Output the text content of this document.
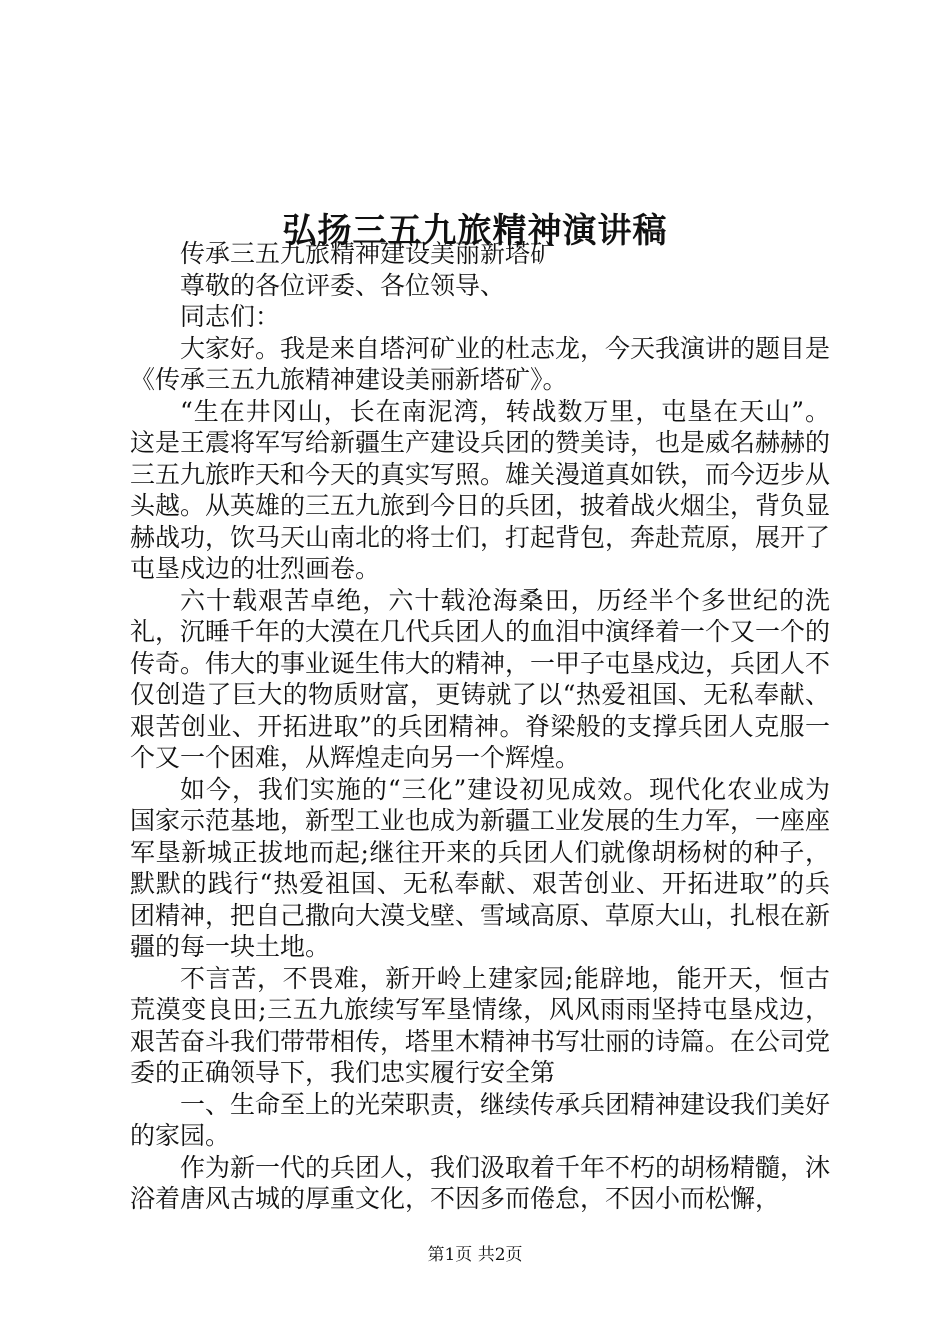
弘扬三五九旅精神演讲稿

传承三五九旅精神建设美丽新塔矿

尊敬的各位评委、各位领导、

同志们：

大家好。我是来自塔河矿业的杜志龙，今天我演讲的题目是《传承三五九旅精神建设美丽新塔矿》。

“生在井冈山，长在南泥湾，转战数万里，屯垦在天山”。这是王震将军写给新疆生产建设兵团的赞美诗，也是威名赫赫的三五九旅昨天和今天的真实写照。雄关漫道真如铁，而今迈步从头越。从英雄的三五九旅到今日的兵团，披着战火烟尘，背负显赫战功，饮马天山南北的将士们，打起背包，奔赴荒原，展开了屯垦戍边的壮烈画卷。

六十载艰苦卓绝，六十载沧海桑田，历经半个多世纪的洗礼，沉睡千年的大漠在几代兵团人的血泪中演绎着一个又一个的传奇。伟大的事业诞生伟大的精神，一甲子屯垦戍边，兵团人不仅创造了巨大的物质财富，更铸就了以“热爱祖国、无私奉献、艰苦创业、开拓进取”的兵团精神。脊梁般的支撑兵团人克服一个又一个困难，从辉煌走向另一个辉煌。

如今，我们实施的“三化”建设初见成效。现代化农业成为国家示范基地，新型工业也成为新疆工业发展的生力军，一座座军垦新城正拔地而起;继往开来的兵团人们就像胡杨树的种子，默默的践行“热爱祖国、无私奉献、艰苦创业、开拓进取”的兵团精神，把自己撒向大漠戈壁、雪域高原、草原大山，扎根在新疆的每一块土地。

不言苦，不畏难，新开岭上建家园;能辟地，能开天，恒古荒漠变良田;三五九旅续写军垦情缘，风风雨雨坚持屯垦戍边，艰苦奋斗我们带带相传，塔里木精神书写壮丽的诗篇。在公司党委的正确领导下，我们忠实履行安全第

一、生命至上的光荣职责，继续传承兵团精神建设我们美好的家园。

作为新一代的兵团人，我们汲取着千年不朽的胡杨精髓，沐浴着唐风古城的厚重文化，不因多而倦怠，不因小而松懈，

第1页 共2页
